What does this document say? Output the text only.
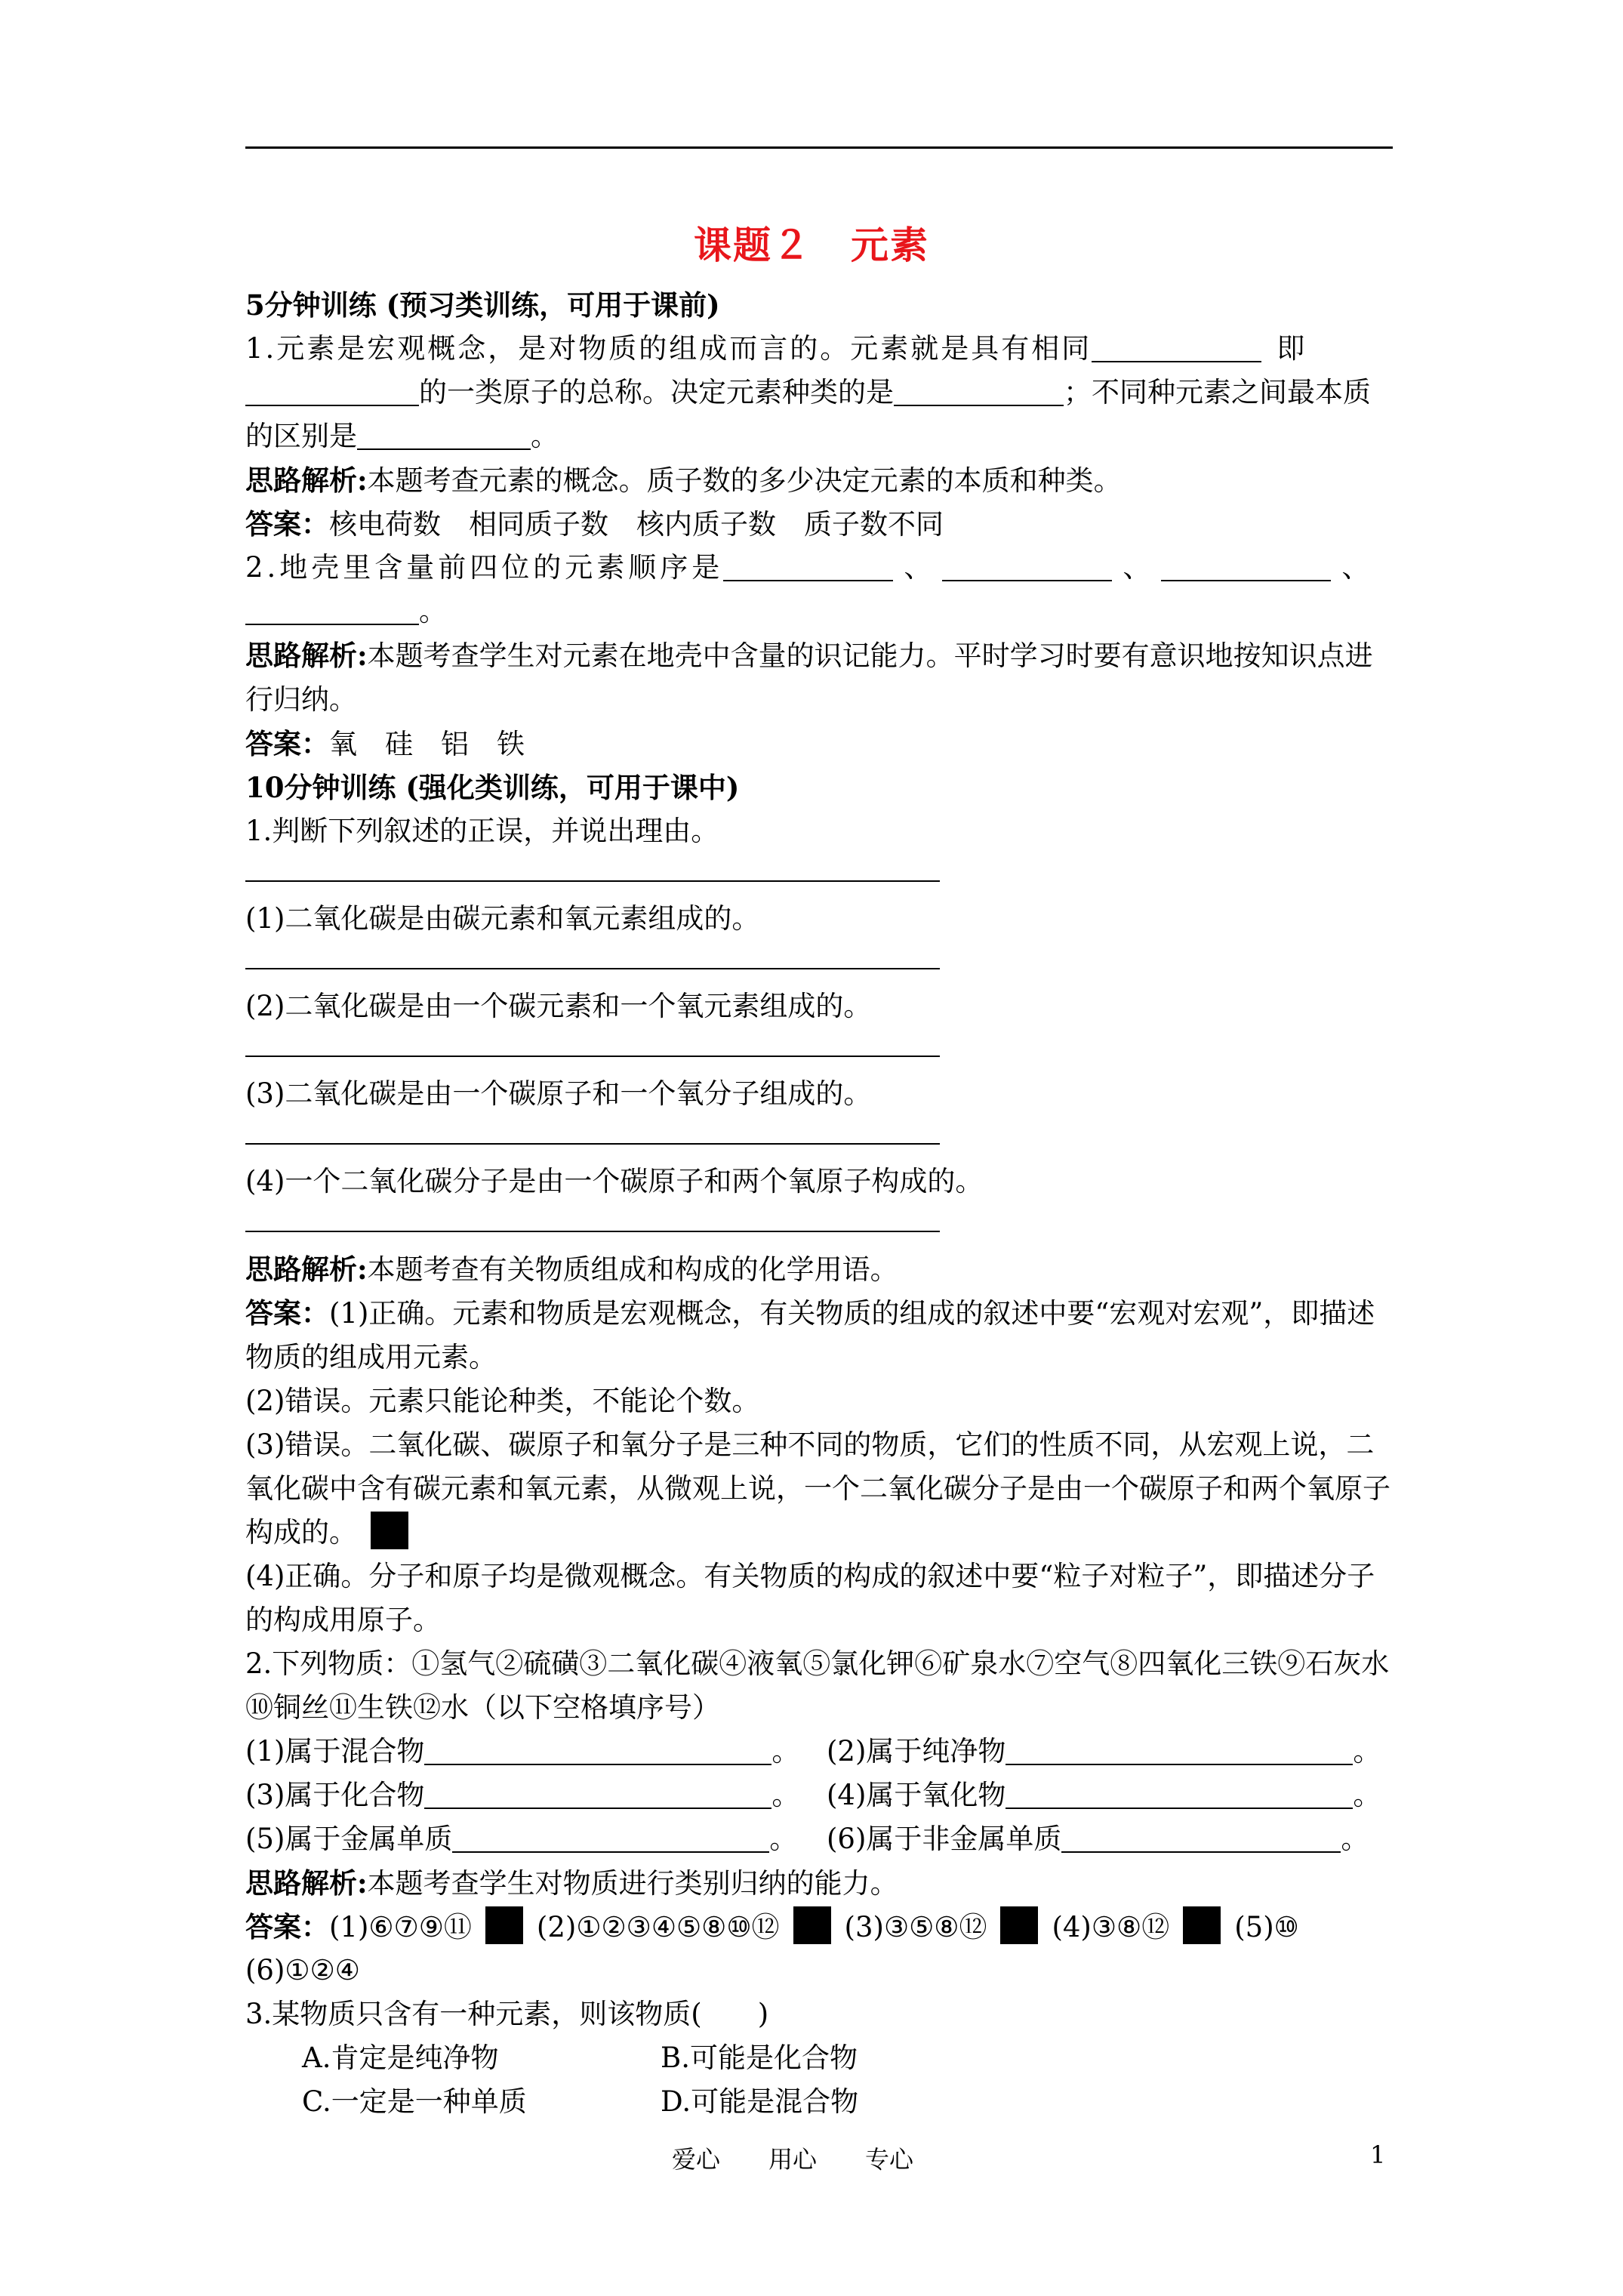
课题２　元素
5分钟训练 (预习类训练，可用于课前)
1.元素是宏观概念，是对物质的组成而言的。元素就是具有相同	即
的一类原子的总称。决定元素种类的是	；不同种元素之间最本质
的区别是	。
思路解析:本题考查元素的概念。质子数的多少决定元素的本质和种类。
答案：核电荷数　相同质子数　核内质子数　质子数不同
2.地壳里含量前四位的元素顺序是	、	、	、
。
思路解析:本题考查学生对元素在地壳中含量的识记能力。平时学习时要有意识地按知识点进行归纳。
答案：氧　硅　铝　铁
10分钟训练 (强化类训练，可用于课中)
1.判断下列叙述的正误，并说出理由。
(1)二氧化碳是由碳元素和氧元素组成的。
(2)二氧化碳是由一个碳元素和一个氧元素组成的。
(3)二氧化碳是由一个碳原子和一个氧分子组成的。
(4)一个二氧化碳分子是由一个碳原子和两个氧原子构成的。
思路解析:本题考查有关物质组成和构成的化学用语。
答案：(1)正确。元素和物质是宏观概念，有关物质的组成的叙述中要“宏观对宏观”，即描述物质的组成用元素。
(2)错误。元素只能论种类，不能论个数。
(3)错误。二氧化碳、碳原子和氧分子是三种不同的物质，它们的性质不同，从宏观上说，二氧化碳中含有碳元素和氧元素，从微观上说，一个二氧化碳分子是由一个碳原子和两个氧原子构成的。
(4)正确。分子和原子均是微观概念。有关物质的构成的叙述中要“粒子对粒子”，即描述分子的构成用原子。
2.下列物质：①氢气②硫磺③二氧化碳④液氧⑤氯化钾⑥矿泉水⑦空气⑧四氧化三铁⑨石灰水⑩铜丝⑪生铁⑫水（以下空格填序号）
(1)属于混合物	。 (2)属于纯净物	。
(3)属于化合物	。 (4)属于氧化物	。
(5)属于金属单质	。 (6)属于非金属单质	。
思路解析:本题考查学生对物质进行类别归纳的能力。
答案：(1)⑥⑦⑨⑪ (2)①②③④⑤⑧⑩⑫ (3)③⑤⑧⑫ (4)③⑧⑫ (5)⑩
(6)①②④
3.某物质只含有一种元素，则该物质(　　)
A.肯定是纯净物	B.可能是化合物
C.一定是一种单质	D.可能是混合物
爱心　　用心　　专心	1
